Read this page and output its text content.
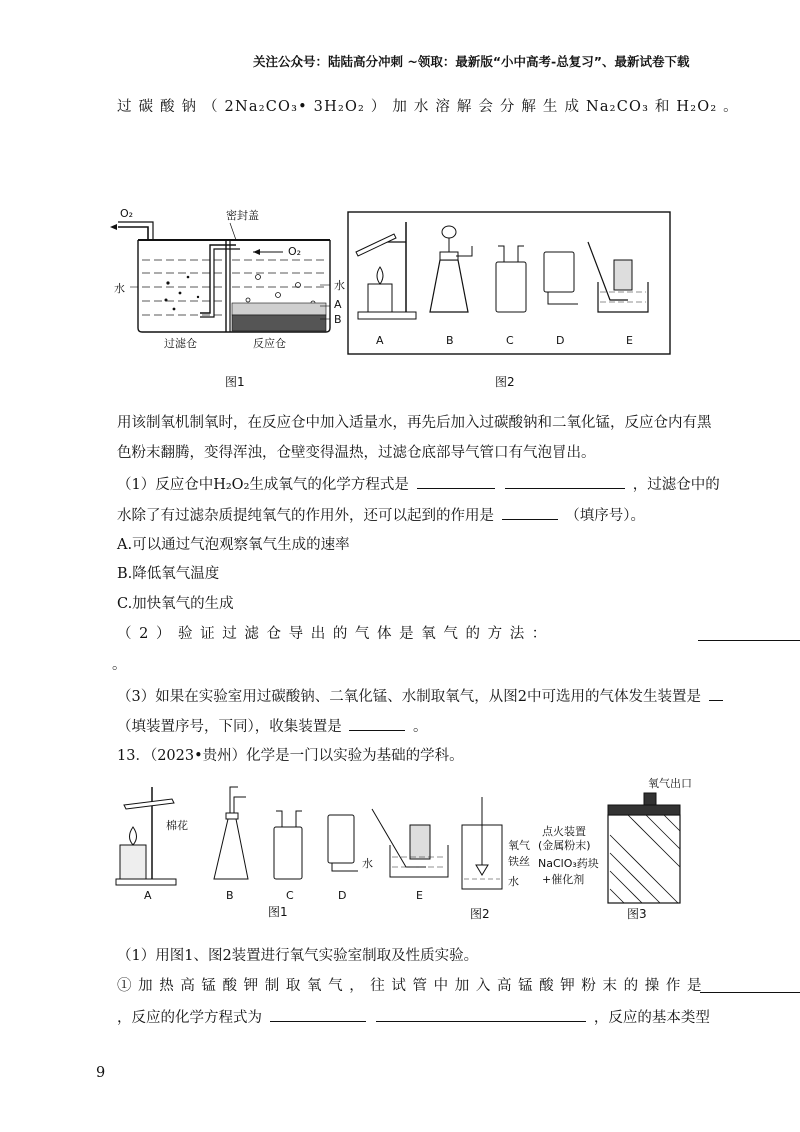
关注公众号：陆陆高分冲刺 ~领取：最新版“小中高考-总复习”、最新试卷下载
过 碳 酸 钠 （ 2Na₂CO₃• 3H₂O₂ ） 加 水 溶 解 会 分 解 生 成 Na₂CO₃ 和 H₂O₂ 。
O₂	密封盖
O₂
水	水
A
B
过滤仓	反应仓
图1
A	B	C	D	E
图2
用该制氧机制氧时，在反应仓中加入适量水，再先后加入过碳酸钠和二氧化锰，反应仓内有黑
色粉末翻腾，变得浑浊，仓壁变得温热，过滤仓底部导气管口有气泡冒出。
（1）反应仓中H₂O₂生成氧气的化学方程式是	，过滤仓中的
水除了有过滤杂质提纯氧气的作用外，还可以起到的作用是	（填序号）。
A.可以通过气泡观察氧气生成的速率
B.降低氧气温度
C.加快氧气的生成
（ 2 ） 验 证 过 滤 仓 导 出 的 气 体 是 氧 气 的 方 法 ：
。
（3）如果在实验室用过碳酸钠、二氧化锰、水制取氧气，从图2中可选用的气体发生装置是
（填装置序号，下同），收集装置是	。
13．（2023•贵州）化学是一门以实验为基础的学科。
棉花
A	B	C	D	E
水
氧气
铁丝
水
氧气出口
点火装置
(金属粉末)
NaClO₃药块
+催化剂
图1	图2	图3
（1）用图1、图2装置进行氧气实验室制取及性质实验。
① 加 热 高 锰 酸 钾 制 取 氧 气 ， 往 试 管 中 加 入 高 锰 酸 钾 粉 末 的 操 作 是
，反应的化学方程式为	，反应的基本类型
9
